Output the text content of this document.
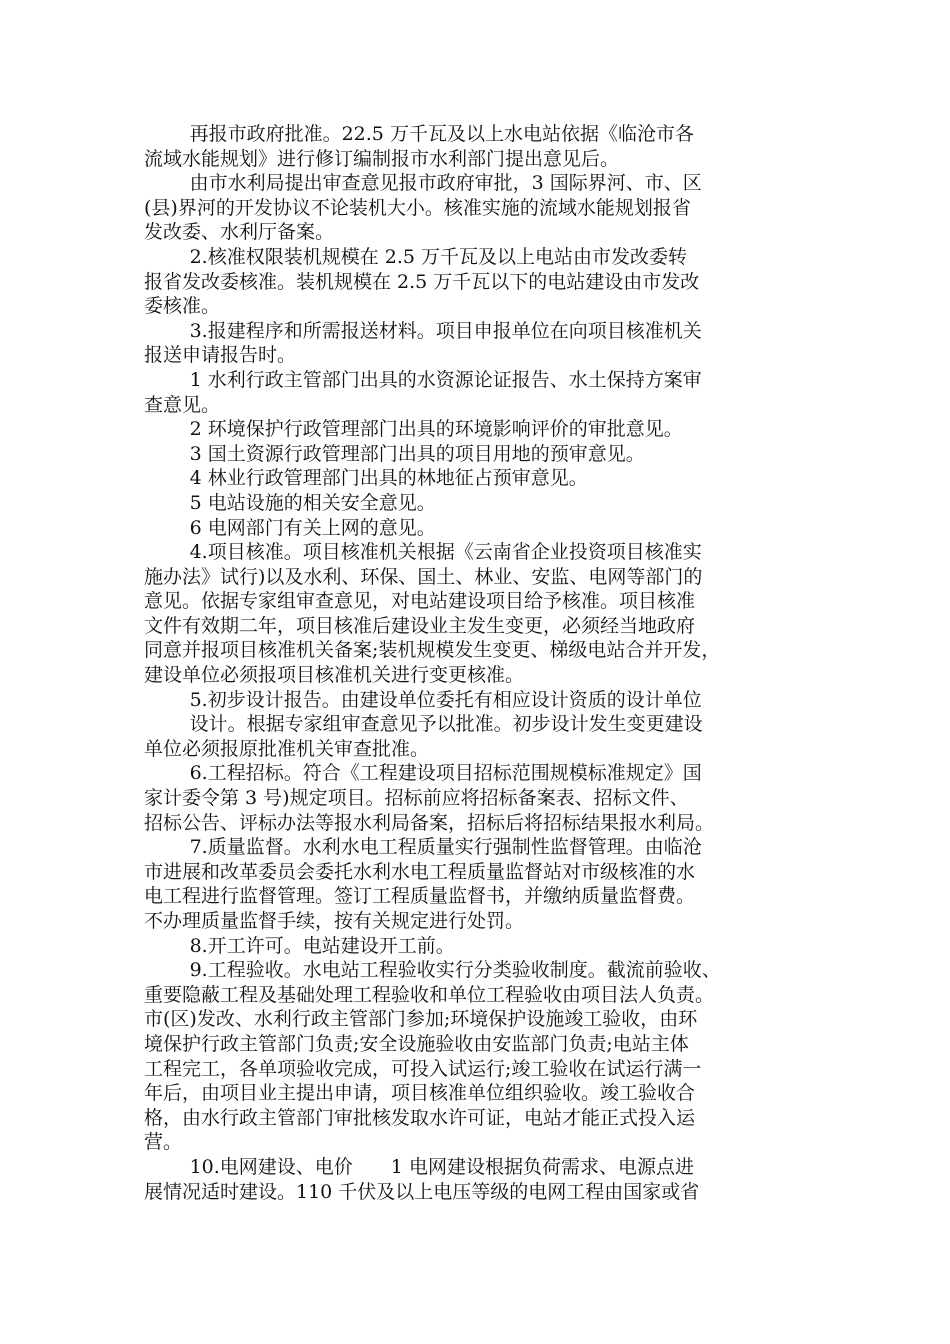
再报市政府批准。22.5 万千瓦及以上水电站依据《临沧市各
流域水能规划》进行修订编制报市水利部门提出意见后。
由市水利局提出审查意见报市政府审批，3 国际界河、市、区
(县)界河的开发协议不论装机大小。核准实施的流域水能规划报省
发改委、水利厅备案。
2.核准权限装机规模在 2.5 万千瓦及以上电站由市发改委转
报省发改委核准。装机规模在 2.5 万千瓦以下的电站建设由市发改
委核准。
3.报建程序和所需报送材料。项目申报单位在向项目核准机关
报送申请报告时。
1 水利行政主管部门出具的水资源论证报告、水土保持方案审
查意见。
2 环境保护行政管理部门出具的环境影响评价的审批意见。
3 国土资源行政管理部门出具的项目用地的预审意见。
4 林业行政管理部门出具的林地征占预审意见。
5 电站设施的相关安全意见。
6 电网部门有关上网的意见。
4.项目核准。项目核准机关根据《云南省企业投资项目核准实
施办法》试行)以及水利、环保、国土、林业、安监、电网等部门的
意见。依据专家组审查意见，对电站建设项目给予核准。项目核准
文件有效期二年，项目核准后建设业主发生变更，必须经当地政府
同意并报项目核准机关备案;装机规模发生变更、梯级电站合并开发，
建设单位必须报项目核准机关进行变更核准。
5.初步设计报告。由建设单位委托有相应设计资质的设计单位
设计。根据专家组审查意见予以批准。初步设计发生变更建设
单位必须报原批准机关审查批准。
6.工程招标。符合《工程建设项目招标范围规模标准规定》国
家计委令第 3 号)规定项目。招标前应将招标备案表、招标文件、
招标公告、评标办法等报水利局备案，招标后将招标结果报水利局。
7.质量监督。水利水电工程质量实行强制性监督管理。由临沧
市进展和改革委员会委托水利水电工程质量监督站对市级核准的水
电工程进行监督管理。签订工程质量监督书，并缴纳质量监督费。
不办理质量监督手续，按有关规定进行处罚。
8.开工许可。电站建设开工前。
9.工程验收。水电站工程验收实行分类验收制度。截流前验收、
重要隐蔽工程及基础处理工程验收和单位工程验收由项目法人负责。
市(区)发改、水利行政主管部门参加;环境保护设施竣工验收，由环
境保护行政主管部门负责;安全设施验收由安监部门负责;电站主体
工程完工，各单项验收完成，可投入试运行;竣工验收在试运行满一
年后，由项目业主提出申请，项目核准单位组织验收。竣工验收合
格，由水行政主管部门审批核发取水许可证，电站才能正式投入运
营。
10.电网建设、电价　　1 电网建设根据负荷需求、电源点进
展情况适时建设。110 千伏及以上电压等级的电网工程由国家或省
